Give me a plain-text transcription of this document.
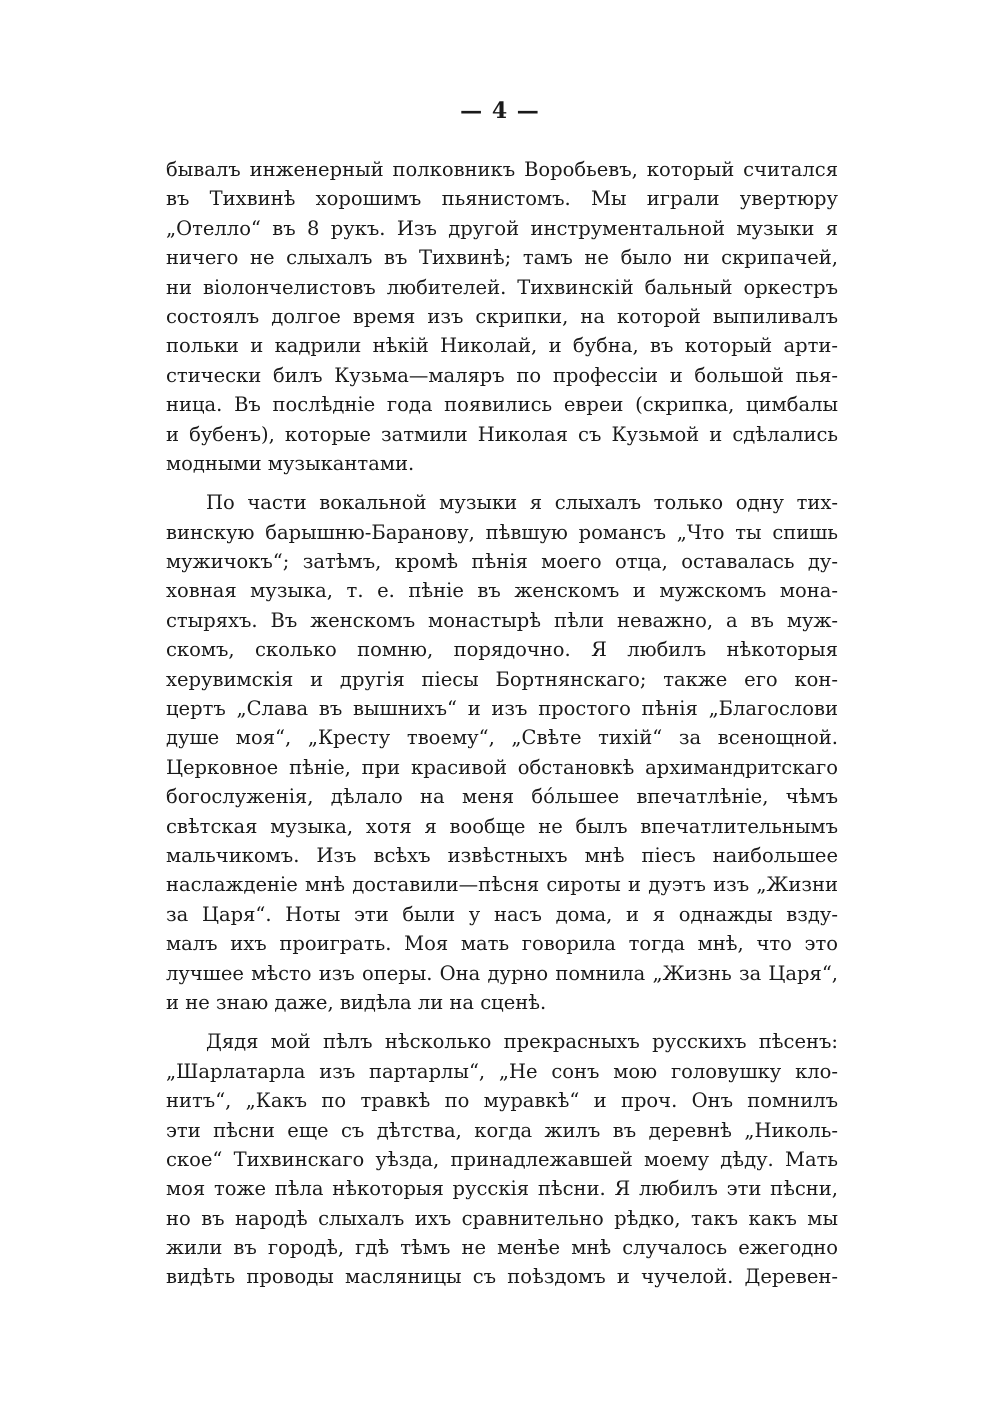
— 4 —
бывалъ инженерный полковникъ Воробьевъ, который считался
въ Тихвинѣ хорошимъ пьянистомъ. Мы играли увертюру
„Отелло“ въ 8 рукъ. Изъ другой инструментальной музыки я
ничего не слыхалъ въ Тихвинѣ; тамъ не было ни скрипачей,
ни віолончелистовъ любителей. Тихвинскій бальный оркестръ
состоялъ долгое время изъ скрипки, на которой выпиливалъ
польки и кадрили нѣкій Николай, и бубна, въ который арти-
стически билъ Кузьма—маляръ по профессіи и большой пья-
ница. Въ послѣдніе года появились евреи (скрипка, цимбалы
и бубенъ), которые затмили Николая съ Кузьмой и сдѣлались
модными музыкантами.
По части вокальной музыки я слыхалъ только одну тих-
винскую барышню-Баранову, пѣвшую романсъ „Что ты спишь
мужичокъ“; затѣмъ, кромѣ пѣнія моего отца, оставалась ду-
ховная музыка, т. е. пѣніе въ женскомъ и мужскомъ мона-
стыряхъ. Въ женскомъ монастырѣ пѣли неважно, а въ муж-
скомъ, сколько помню, порядочно. Я любилъ нѣкоторыя
херувимскія и другія піесы Бортнянскаго; также его кон-
цертъ „Слава въ вышнихъ“ и изъ простого пѣнія „Благослови
душе моя“, „Кресту твоему“, „Свѣте тихій“ за всенощной.
Церковное пѣніе, при красивой обстановкѣ архимандритскаго
богослуженія, дѣлало на меня бóльшее впечатлѣніе, чѣмъ
свѣтская музыка, хотя я вообще не былъ впечатлительнымъ
мальчикомъ. Изъ всѣхъ извѣстныхъ мнѣ піесъ наибольшее
наслажденіе мнѣ доставили—пѣсня сироты и дуэтъ изъ „Жизни
за Царя“. Ноты эти были у насъ дома, и я однажды взду-
малъ ихъ проиграть. Моя мать говорила тогда мнѣ, что это
лучшее мѣсто изъ оперы. Она дурно помнила „Жизнь за Царя“,
и не знаю даже, видѣла ли на сценѣ.
Дядя мой пѣлъ нѣсколько прекрасныхъ русскихъ пѣсенъ:
„Шарлатарла изъ партарлы“, „Не сонъ мою головушку кло-
нитъ“, „Какъ по травкѣ по муравкѣ“ и проч. Онъ помнилъ
эти пѣсни еще съ дѣтства, когда жилъ въ деревнѣ „Николь-
ское“ Тихвинскаго уѣзда, принадлежавшей моему дѣду. Мать
моя тоже пѣла нѣкоторыя русскія пѣсни. Я любилъ эти пѣсни,
но въ народѣ слыхалъ ихъ сравнительно рѣдко, такъ какъ мы
жили въ городѣ, гдѣ тѣмъ не менѣе мнѣ случалось ежегодно
видѣть проводы масляницы съ поѣздомъ и чучелой. Деревен-
